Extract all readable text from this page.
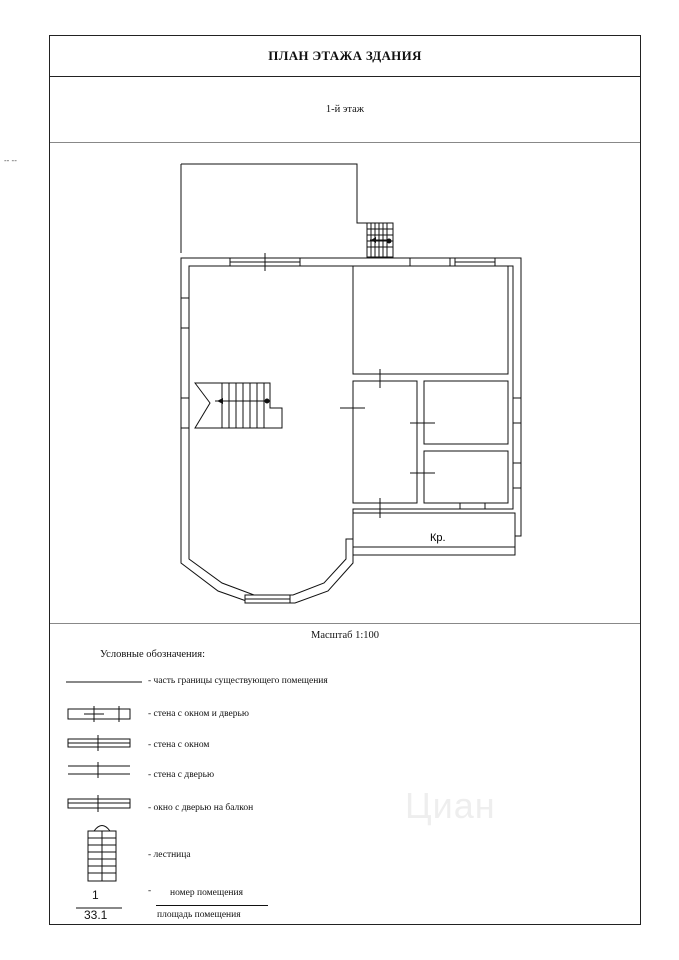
-- --
ПЛАН ЭТАЖА ЗДАНИЯ
1-й этаж
Кр.
Масштаб 1:100
Условные обозначения:
- часть границы существующего помещения
- стена с окном и дверью
- стена с окном
- стена с дверью
- окно с дверью на балкон
- лестница
1
33.1
- номер помещения
площадь помещения
Циан
